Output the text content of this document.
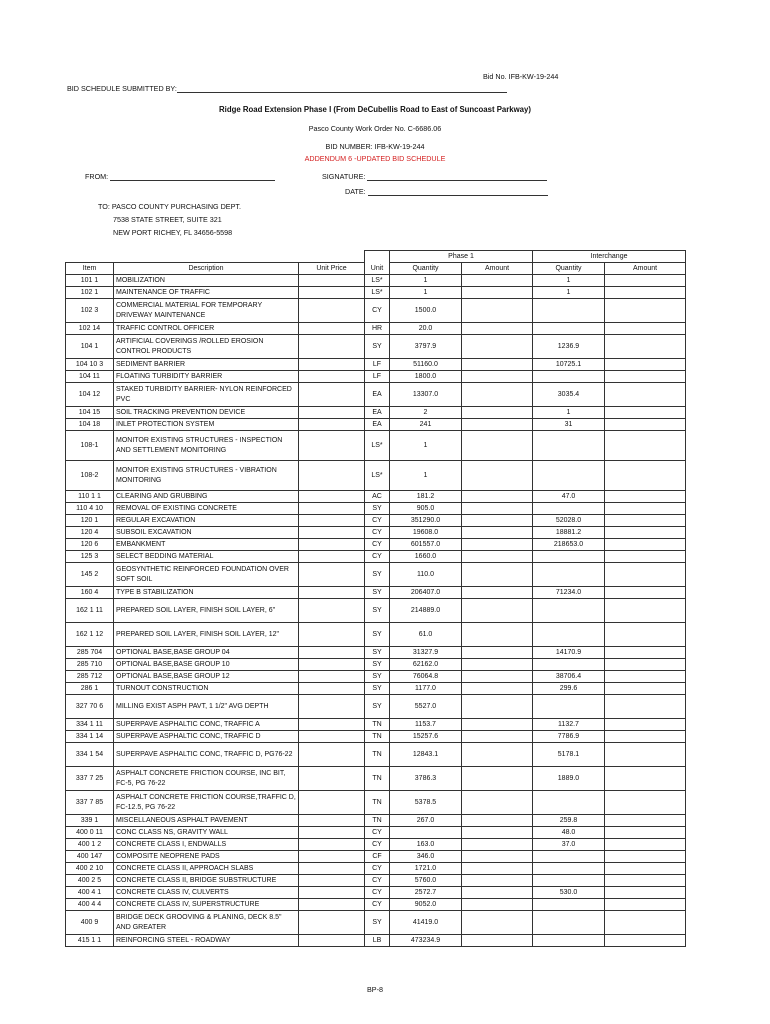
Bid No. IFB-KW-19-244
BID SCHEDULE SUBMITTED BY:
Ridge Road Extension Phase I (From DeCubellis Road to East of Suncoast Parkway)
Pasco County Work Order No. C-6686.06
BID NUMBER: IFB-KW-19-244
ADDENDUM 6 -UPDATED BID SCHEDULE
FROM:	SIGNATURE:
DATE:
TO: PASCO COUNTY PURCHASING DEPT.
7538 STATE STREET, SUITE 321
NEW PORT RICHEY, FL 34656-5598
				Phase 1		Interchange	
Item	Description	Unit Price	Unit	Quantity	Amount	Quantity	Amount
101 1	MOBILIZATION		LS*	1		1	
102 1	MAINTENANCE OF TRAFFIC		LS*	1		1	
102 3	COMMERCIAL MATERIAL FOR TEMPORARY DRIVEWAY MAINTENANCE		CY	1500.0			
102 14	TRAFFIC CONTROL OFFICER		HR	20.0			
104 1	ARTIFICIAL COVERINGS /ROLLED EROSION CONTROL PRODUCTS		SY	3797.9		1236.9	
104 10 3	SEDIMENT BARRIER		LF	51160.0		10725.1	
104 11	FLOATING TURBIDITY BARRIER		LF	1800.0			
104 12	STAKED TURBIDITY BARRIER- NYLON REINFORCED PVC		EA	13307.0		3035.4	
104 15	SOIL TRACKING PREVENTION DEVICE		EA	2		1	
104 18	INLET PROTECTION SYSTEM		EA	241		31	
108-1	MONITOR EXISTING STRUCTURES - INSPECTION AND SETTLEMENT MONITORING		LS*	1			
108-2	MONITOR EXISTING STRUCTURES - VIBRATION MONITORING		LS*	1			
110 1 1	CLEARING AND GRUBBING		AC	181.2		47.0	
110 4 10	REMOVAL OF EXISTING CONCRETE		SY	905.0			
120 1	REGULAR EXCAVATION		CY	351290.0		52028.0	
120 4	SUBSOIL EXCAVATION		CY	19608.0		18881.2	
120 6	EMBANKMENT		CY	601557.0		218653.0	
125 3	SELECT BEDDING MATERIAL		CY	1660.0			
145 2	GEOSYNTHETIC REINFORCED FOUNDATION OVER SOFT SOIL		SY	110.0			
160 4	TYPE B STABILIZATION		SY	206407.0		71234.0	
162 1 11	PREPARED SOIL LAYER, FINISH SOIL LAYER, 6"		SY	214889.0			
162 1 12	PREPARED SOIL LAYER, FINISH SOIL LAYER, 12"		SY	61.0			
285 704	OPTIONAL BASE,BASE GROUP 04		SY	31327.9		14170.9	
285 710	OPTIONAL BASE,BASE GROUP 10		SY	62162.0			
285 712	OPTIONAL BASE,BASE GROUP 12		SY	76064.8		38706.4	
286 1	TURNOUT CONSTRUCTION		SY	1177.0		299.6	
327 70 6	MILLING EXIST ASPH PAVT, 1 1/2" AVG DEPTH		SY	5527.0			
334 1 11	SUPERPAVE ASPHALTIC CONC, TRAFFIC A		TN	1153.7		1132.7	
334 1 14	SUPERPAVE ASPHALTIC CONC, TRAFFIC D		TN	15257.6		7786.9	
334 1 54	SUPERPAVE ASPHALTIC CONC, TRAFFIC D, PG76-22		TN	12843.1		5178.1	
337 7 25	ASPHALT CONCRETE FRICTION COURSE, INC BIT, FC-5, PG 76-22		TN	3786.3		1889.0	
337 7 85	ASPHALT CONCRETE FRICTION COURSE,TRAFFIC D, FC-12.5, PG 76-22		TN	5378.5			
339 1	MISCELLANEOUS ASPHALT PAVEMENT		TN	267.0		259.8	
400 0 11	CONC CLASS NS, GRAVITY WALL		CY			48.0	
400 1 2	CONCRETE CLASS I, ENDWALLS		CY	163.0		37.0	
400 147	COMPOSITE NEOPRENE PADS		CF	346.0			
400 2 10	CONCRETE CLASS II, APPROACH SLABS		CY	1721.0			
400 2 5	CONCRETE CLASS II, BRIDGE SUBSTRUCTURE		CY	5760.0			
400 4 1	CONCRETE CLASS IV, CULVERTS		CY	2572.7		530.0	
400 4 4	CONCRETE CLASS IV, SUPERSTRUCTURE		CY	9052.0			
400 9	BRIDGE DECK GROOVING & PLANING, DECK 8.5" AND GREATER		SY	41419.0			
415 1 1	REINFORCING STEEL - ROADWAY		LB	473234.9			
BP-8
